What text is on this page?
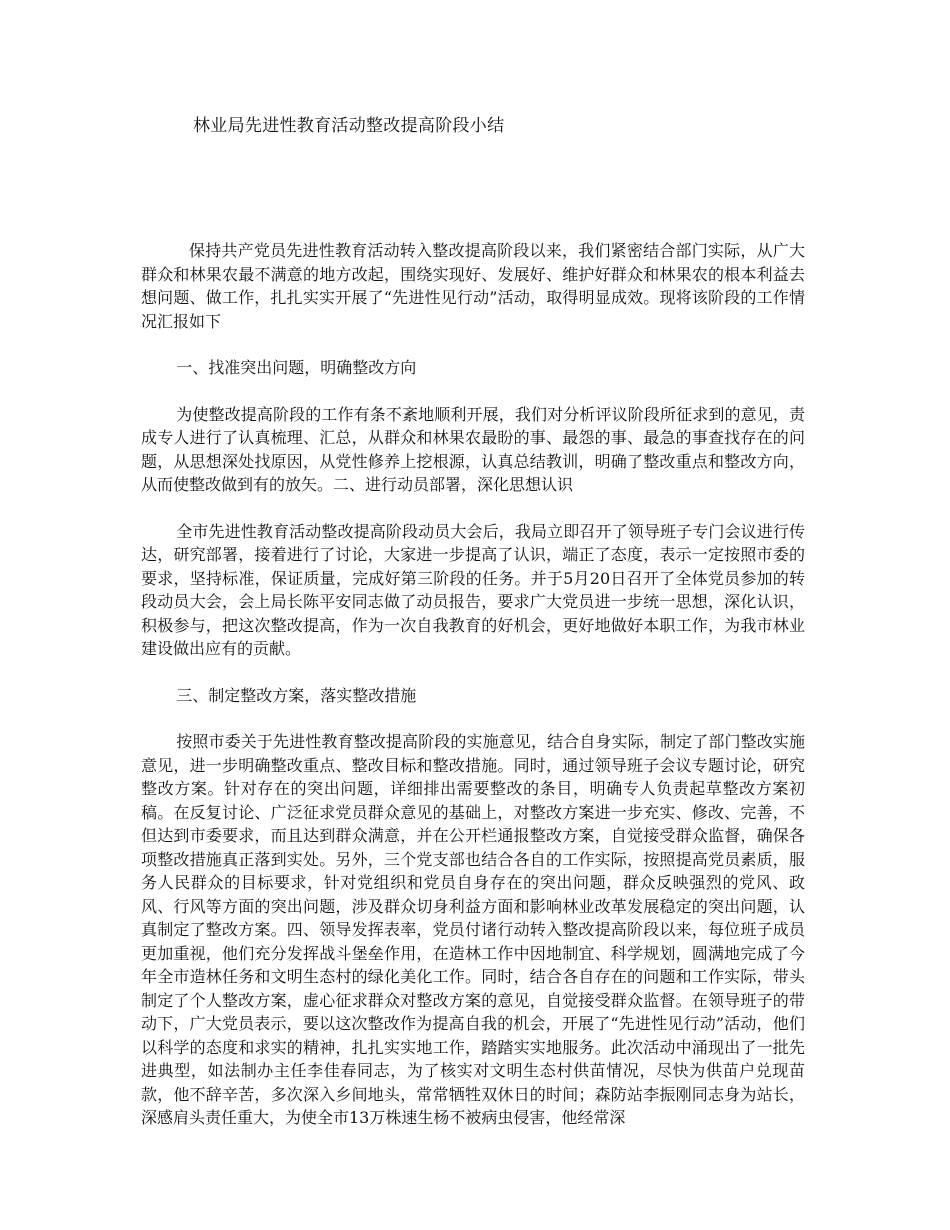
林业局先进性教育活动整改提高阶段小结

保持共产党员先进性教育活动转入整改提高阶段以来，我们紧密结合部门实际，从广大群众和林果农最不满意的地方改起，围绕实现好、发展好、维护好群众和林果农的根本利益去想问题、做工作，扎扎实实开展了“先进性见行动”活动，取得明显成效。现将该阶段的工作情况汇报如下

一、找准突出问题，明确整改方向

为使整改提高阶段的工作有条不紊地顺利开展，我们对分析评议阶段所征求到的意见，责成专人进行了认真梳理、汇总，从群众和林果农最盼的事、最怨的事、最急的事查找存在的问题，从思想深处找原因，从党性修养上挖根源，认真总结教训，明确了整改重点和整改方向，从而使整改做到有的放矢。二、进行动员部署，深化思想认识

全市先进性教育活动整改提高阶段动员大会后，我局立即召开了领导班子专门会议进行传达，研究部署，接着进行了讨论，大家进一步提高了认识，端正了态度，表示一定按照市委的要求，坚持标准，保证质量，完成好第三阶段的任务。并于5月20日召开了全体党员参加的转段动员大会，会上局长陈平安同志做了动员报告，要求广大党员进一步统一思想，深化认识，积极参与，把这次整改提高，作为一次自我教育的好机会，更好地做好本职工作，为我市林业建设做出应有的贡献。

三、制定整改方案，落实整改措施

按照市委关于先进性教育整改提高阶段的实施意见，结合自身实际，制定了部门整改实施意见，进一步明确整改重点、整改目标和整改措施。同时，通过领导班子会议专题讨论，研究整改方案。针对存在的突出问题，详细排出需要整改的条目，明确专人负责起草整改方案初稿。在反复讨论、广泛征求党员群众意见的基础上，对整改方案进一步充实、修改、完善，不但达到市委要求，而且达到群众满意，并在公开栏通报整改方案，自觉接受群众监督，确保各项整改措施真正落到实处。另外，三个党支部也结合各自的工作实际，按照提高党员素质，服务人民群众的目标要求，针对党组织和党员自身存在的突出问题，群众反映强烈的党风、政风、行风等方面的突出问题，涉及群众切身利益方面和影响林业改革发展稳定的突出问题，认真制定了整改方案。四、领导发挥表率，党员付诸行动转入整改提高阶段以来，每位班子成员更加重视，他们充分发挥战斗堡垒作用，在造林工作中因地制宜、科学规划，圆满地完成了今年全市造林任务和文明生态村的绿化美化工作。同时，结合各自存在的问题和工作实际，带头制定了个人整改方案，虚心征求群众对整改方案的意见，自觉接受群众监督。在领导班子的带动下，广大党员表示，要以这次整改作为提高自我的机会，开展了“先进性见行动”活动，他们以科学的态度和求实的精神，扎扎实实地工作，踏踏实实地服务。此次活动中涌现出了一批先进典型，如法制办主任李佳春同志，为了核实对文明生态村供苗情况，尽快为供苗户兑现苗款，他不辞辛苦，多次深入乡间地头，常常牺牲双休日的时间；森防站李振刚同志身为站长，深感肩头责任重大，为使全市13万株速生杨不被病虫侵害，他经常深
